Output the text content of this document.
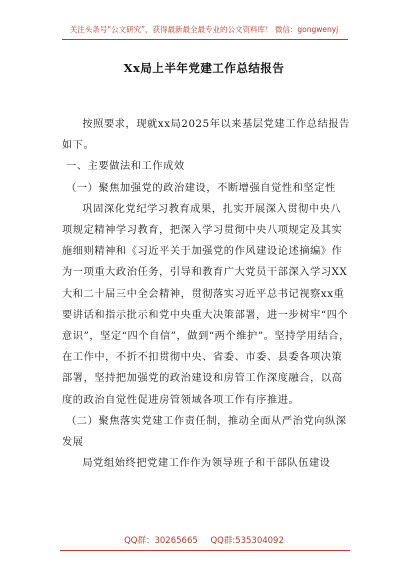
关注头条号“公文研究”，获得最新最全最专业的公文资料库！ 微信：gongwenyj
Xx局上半年党建工作总结报告

按照要求，现就xx局2025年以来基层党建工作总结报告如下。

一、主要做法和工作成效

（一）聚焦加强党的政治建设，不断增强自觉性和坚定性

巩固深化党纪学习教育成果，扎实开展深入贯彻中央八项规定精神学习教育，把深入学习贯彻中央八项规定及其实施细则精神和《习近平关于加强党的作风建设论述摘编》作为一项重大政治任务，引导和教育广大党员干部深入学习XX大和二十届三中全会精神，贯彻落实习近平总书记视察xx重要讲话和指示批示和党中央重大决策部署，进一步树牢“四个意识”，坚定“四个自信”，做到“两个维护”。坚持学用结合，在工作中，不折不扣贯彻中央、省委、市委、县委各项决策部署，坚持把加强党的政治建设和房管工作深度融合，以高度的政治自觉性促进房管领域各项工作有序推进。

（二）聚焦落实党建工作责任制，推动全面从严治党向纵深发展

局党组始终把党建工作作为领导班子和干部队伍建设

QQ群：30265665 QQ群:535304092
